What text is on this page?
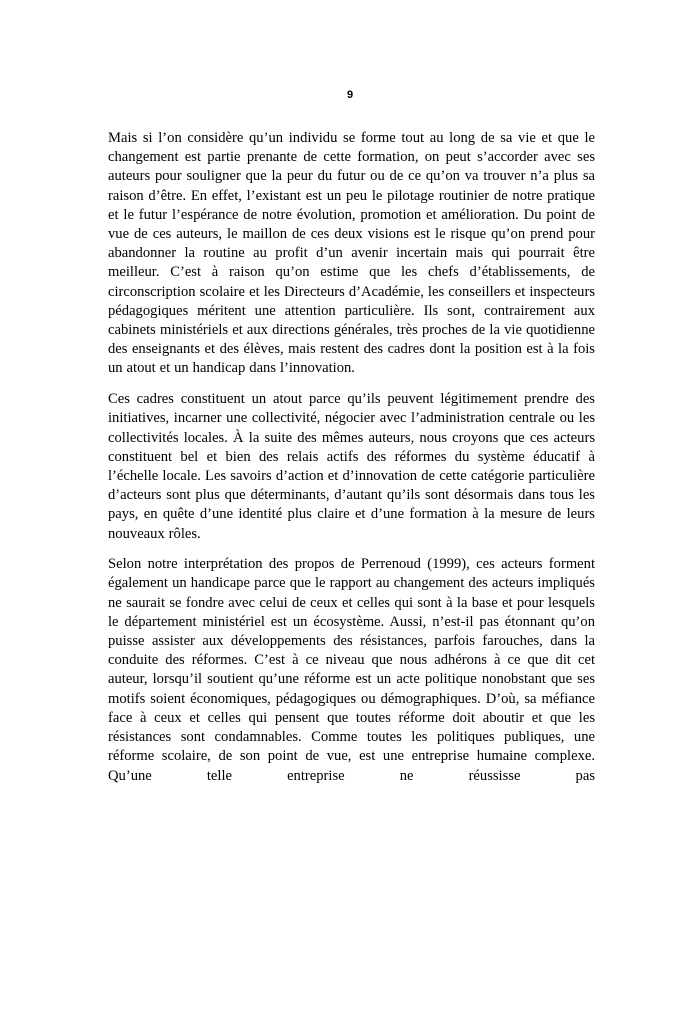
9

Mais si l’on considère qu’un individu se forme tout au long de sa vie et que le changement est partie prenante de cette formation, on peut s’accorder avec ses auteurs pour souligner que la peur du futur ou de ce qu’on va trouver n’a plus sa raison d’être. En effet, l’existant est un peu le pilotage routinier de notre pratique et le futur l’espérance de notre évolution, promotion et amélioration. Du point de vue de ces auteurs, le maillon de ces deux visions est le risque qu’on prend pour abandonner la routine au profit d’un avenir incertain mais qui pourrait être meilleur. C’est à raison qu’on estime que les chefs d’établissements, de circonscription scolaire et les Directeurs d’Académie, les conseillers et inspecteurs pédagogiques méritent une attention particulière. Ils sont, contrairement aux cabinets ministériels et aux directions générales, très proches de la vie quotidienne des enseignants et des élèves, mais restent des cadres dont la position est à la fois un atout et un handicap dans l’innovation.

Ces cadres constituent un atout parce qu’ils peuvent légitimement prendre des initiatives, incarner une collectivité, négocier avec l’administration centrale ou les collectivités locales. À la suite des mêmes auteurs, nous croyons que ces acteurs constituent bel et bien des relais actifs des réformes du système éducatif à l’échelle locale. Les savoirs d’action et d’innovation de cette catégorie particulière d’acteurs sont plus que déterminants, d’autant qu’ils sont désormais dans tous les pays, en quête d’une identité plus claire et d’une formation à la mesure de leurs nouveaux rôles.

Selon notre interprétation des propos de Perrenoud (1999), ces acteurs forment également un handicape parce que le rapport au changement des acteurs impliqués ne saurait se fondre avec celui de ceux et celles qui sont à la base et pour lesquels le département ministériel est un écosystème. Aussi, n’est-il pas étonnant qu’on puisse assister aux développements des résistances, parfois farouches, dans la conduite des réformes. C’est à ce niveau que nous adhérons à ce que dit cet auteur, lorsqu’il soutient qu’une réforme est un acte politique nonobstant que ses motifs soient économiques, pédagogiques ou démographiques. D’où, sa méfiance face à ceux et celles qui pensent que toutes réforme doit aboutir et que les résistances sont condamnables. Comme toutes les politiques publiques, une réforme scolaire, de son point de vue, est une entreprise humaine complexe. Qu’une telle entreprise ne réussisse pas
